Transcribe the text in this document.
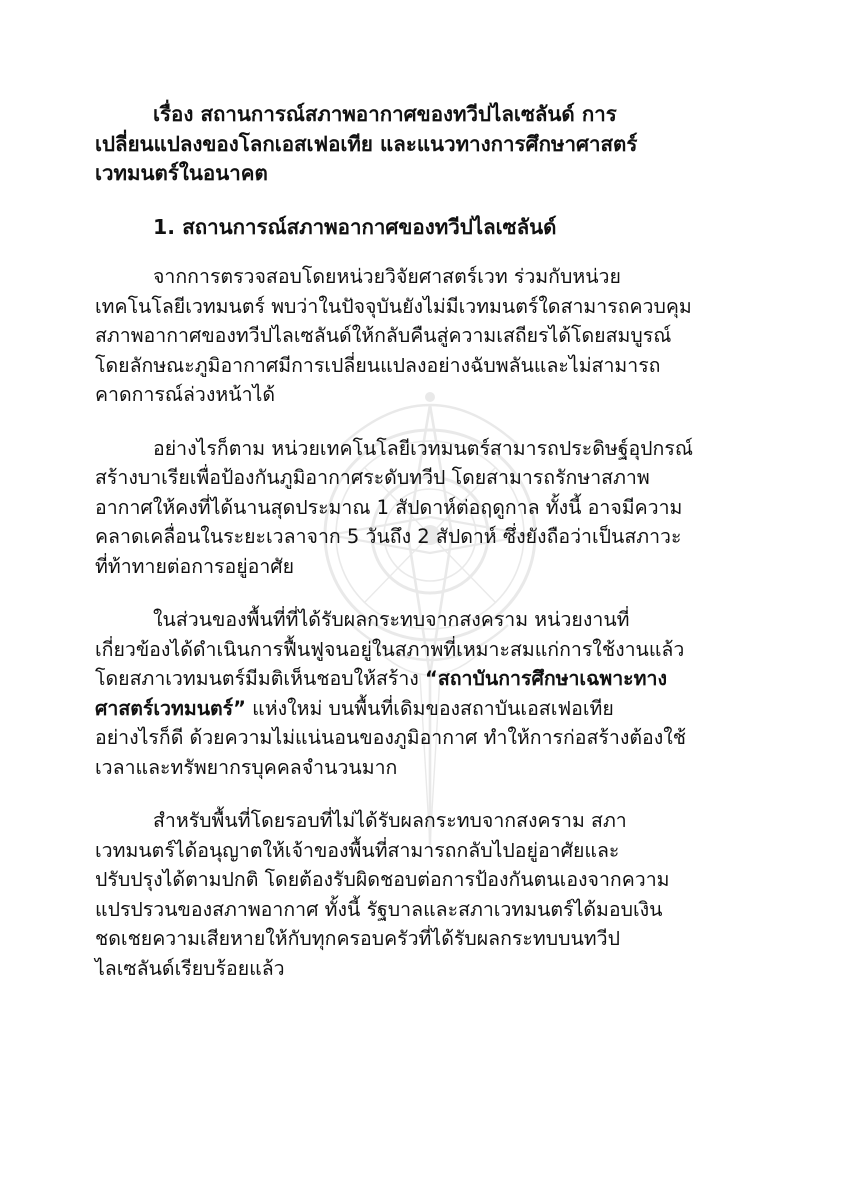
เรื่อง สถานการณ์สภาพอากาศของทวีปไลเซลันด์ การ
เปลี่ยนแปลงของโลกเอสเฟอเทีย และแนวทางการศึกษาศาสตร์
เวทมนตร์ในอนาคต
1. สถานการณ์สภาพอากาศของทวีปไลเซลันด์
จากการตรวจสอบโดยหน่วยวิจัยศาสตร์เวท ร่วมกับหน่วย
เทคโนโลยีเวทมนตร์ พบว่าในปัจจุบันยังไม่มีเวทมนตร์ใดสามารถควบคุม
สภาพอากาศของทวีปไลเซลันด์ให้กลับคืนสู่ความเสถียรได้โดยสมบูรณ์
โดยลักษณะภูมิอากาศมีการเปลี่ยนแปลงอย่างฉับพลันและไม่สามารถ
คาดการณ์ล่วงหน้าได้
อย่างไรก็ตาม หน่วยเทคโนโลยีเวทมนตร์สามารถประดิษฐ์อุปกรณ์
สร้างบาเรียเพื่อป้องกันภูมิอากาศระดับทวีป โดยสามารถรักษาสภาพ
อากาศให้คงที่ได้นานสุดประมาณ 1 สัปดาห์ต่อฤดูกาล ทั้งนี้ อาจมีความ
คลาดเคลื่อนในระยะเวลาจาก 5 วันถึง 2 สัปดาห์ ซึ่งยังถือว่าเป็นสภาวะ
ที่ท้าทายต่อการอยู่อาศัย
ในส่วนของพื้นที่ที่ได้รับผลกระทบจากสงคราม หน่วยงานที่
เกี่ยวข้องได้ดำเนินการฟื้นฟูจนอยู่ในสภาพที่เหมาะสมแก่การใช้งานแล้ว
โดยสภาเวทมนตร์มีมติเห็นชอบให้สร้าง “สถาบันการศึกษาเฉพาะทาง
ศาสตร์เวทมนตร์” แห่งใหม่ บนพื้นที่เดิมของสถาบันเอสเฟอเทีย
อย่างไรก็ดี ด้วยความไม่แน่นอนของภูมิอากาศ ทำให้การก่อสร้างต้องใช้
เวลาและทรัพยากรบุคคลจำนวนมาก
สำหรับพื้นที่โดยรอบที่ไม่ได้รับผลกระทบจากสงคราม สภา
เวทมนตร์ได้อนุญาตให้เจ้าของพื้นที่สามารถกลับไปอยู่อาศัยและ
ปรับปรุงได้ตามปกติ โดยต้องรับผิดชอบต่อการป้องกันตนเองจากความ
แปรปรวนของสภาพอากาศ ทั้งนี้ รัฐบาลและสภาเวทมนตร์ได้มอบเงิน
ชดเชยความเสียหายให้กับทุกครอบครัวที่ได้รับผลกระทบบนทวีป
ไลเซลันด์เรียบร้อยแล้ว
